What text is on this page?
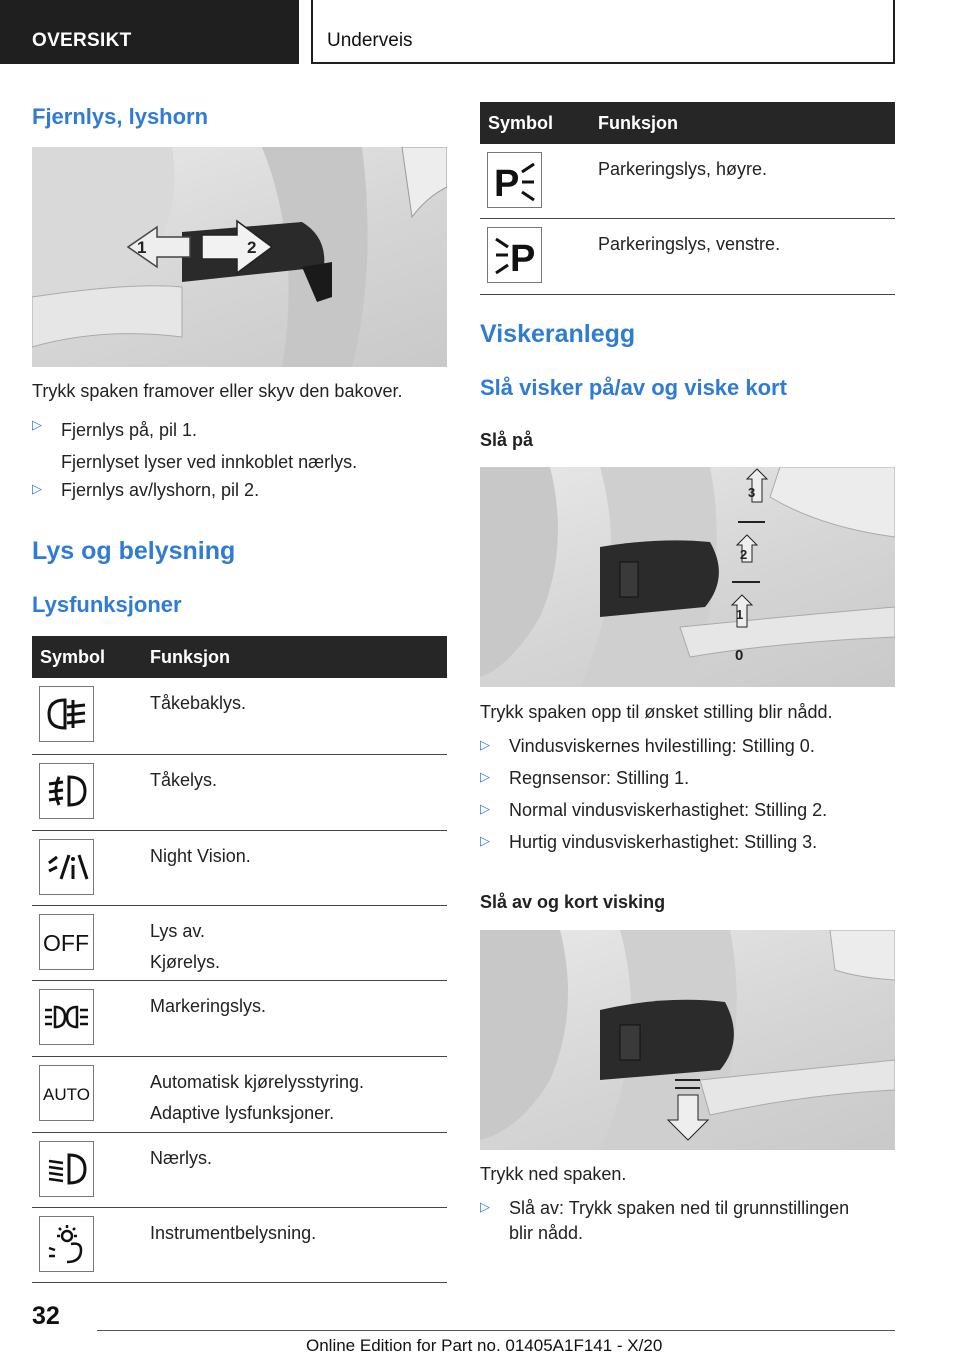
OVERSIKT	Underveis
Fjernlys, lyshorn
1	2
Trykk spaken framover eller skyv den bakover.
▷ Fjernlys på, pil 1.
Fjernlyset lyser ved innkoblet nærlys.
▷ Fjernlys av/lyshorn, pil 2.
Lys og belysning
Lysfunksjoner
Symbol	Funksjon

Tåkebaklys.

Tåkelys.

Night Vision.

OFF	Lys av.
Kjørelys.

Markeringslys.

AUTO	Automatisk kjørelysstyring.
Adaptive lysfunksjoner.

Nærlys.

Instrumentbelysning.
Symbol	Funksjon

P	Parkeringslys, høyre.

P	Parkeringslys, venstre.
Viskeranlegg
Slå visker på/av og viske kort
Slå på
3
2
1
0
Trykk spaken opp til ønsket stilling blir nådd.
▷ Vindusviskernes hvilestilling: Stilling 0.
▷ Regnsensor: Stilling 1.
▷ Normal vindusviskerhastighet: Stilling 2.
▷ Hurtig vindusviskerhastighet: Stilling 3.
Slå av og kort visking
Trykk ned spaken.
▷ Slå av: Trykk spaken ned til grunnstillingen
blir nådd.
32
Online Edition for Part no. 01405A1F141 - X/20
